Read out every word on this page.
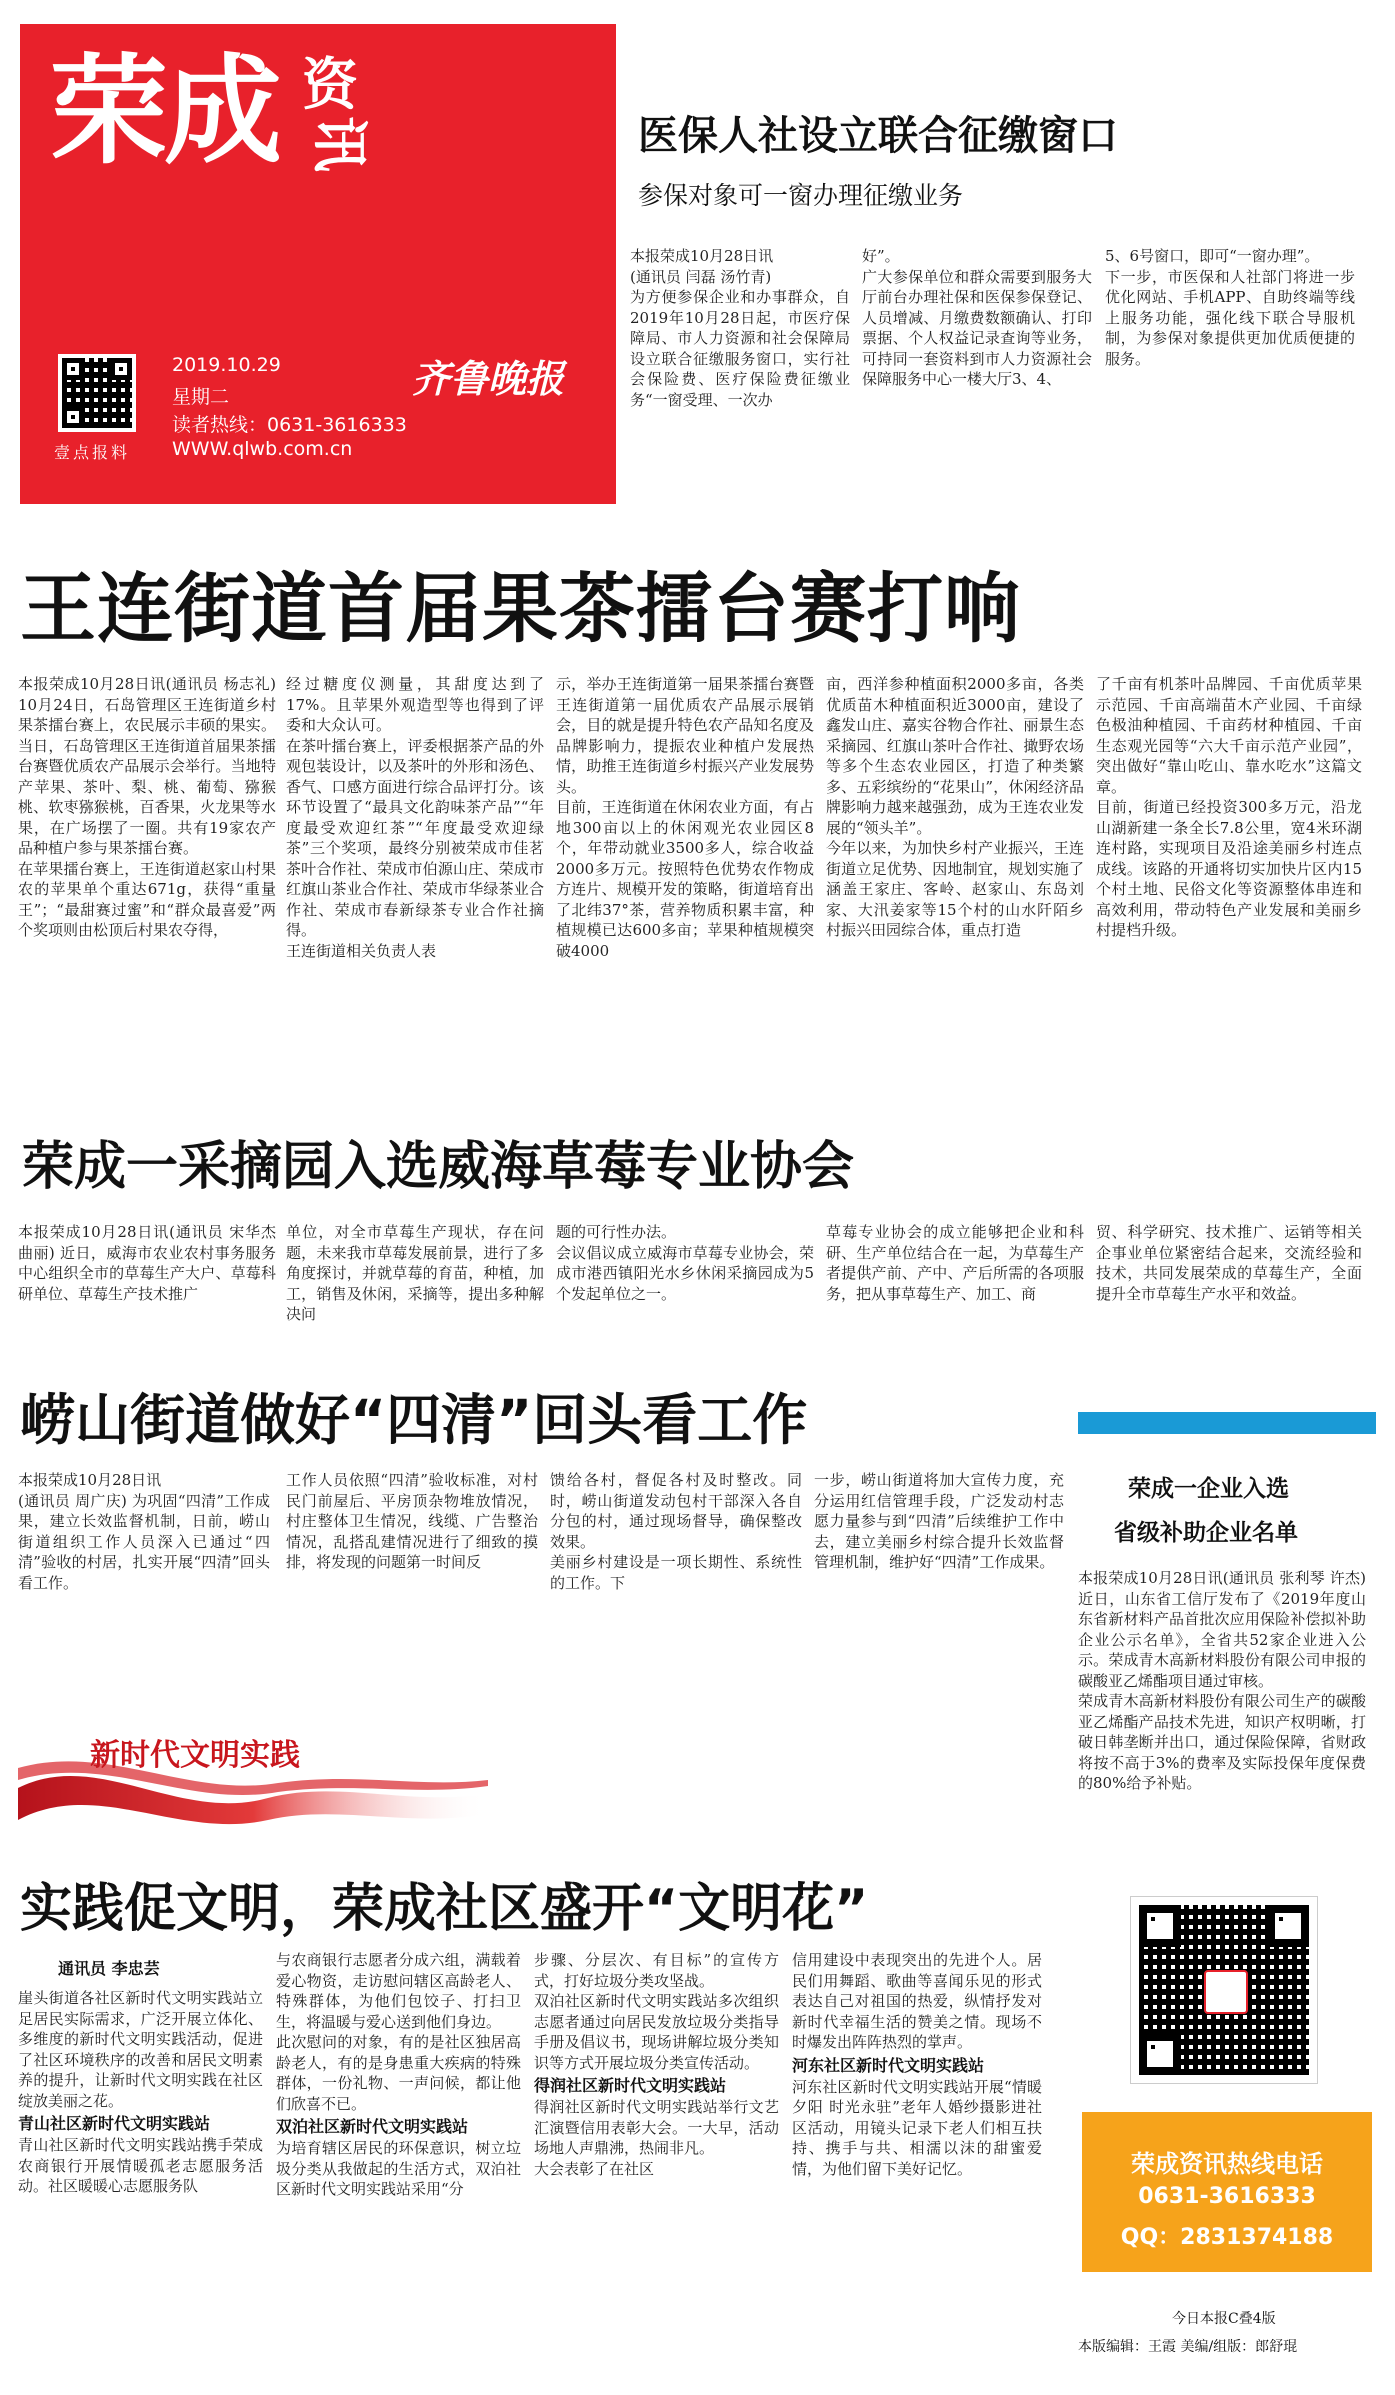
荣成 资
讯
壹点报料
2019.10.29
星期二
读者热线：0631-3616333
WWW.qlwb.com.cn
齐鲁晚报
医保人社设立联合征缴窗口
参保对象可一窗办理征缴业务
本报荣成10月28日讯
(通讯员 闫磊 汤竹青)
为方便参保企业和办事群众，自2019年10月28日起，市医疗保障局、市人力资源和社会保障局设立联合征缴服务窗口，实行社会保险费、医疗保险费征缴业务“一窗受理、一次办
好”。
广大参保单位和群众需要到服务大厅前台办理社保和医保参保登记、人员增减、月缴费数额确认、打印票据、个人权益记录查询等业务，可持同一套资料到市人力资源社会保障服务中心一楼大厅3、4、
5、6号窗口，即可“一窗办理”。
下一步，市医保和人社部门将进一步优化网站、手机APP、自助终端等线上服务功能，强化线下联合导服机制，为参保对象提供更加优质便捷的服务。
王连街道首届果茶擂台赛打响
本报荣成10月28日讯(通讯员 杨志礼) 10月24日，石岛管理区王连街道乡村果茶擂台赛上，农民展示丰硕的果实。当日，石岛管理区王连街道首届果茶擂台赛暨优质农产品展示会举行。当地特产苹果、茶叶、梨、桃、葡萄、猕猴桃、软枣猕猴桃，百香果，火龙果等水果，在广场摆了一圈。共有19家农产品种植户参与果茶擂台赛。
在苹果擂台赛上，王连街道赵家山村果农的苹果单个重达671g，获得“重量王”；“最甜赛过蜜”和“群众最喜爱”两个奖项则由松顶后村果农夺得，
经过糖度仪测量，其甜度达到了17%。且苹果外观造型等也得到了评委和大众认可。
在茶叶擂台赛上，评委根据茶产品的外观包装设计，以及茶叶的外形和汤色、香气、口感方面进行综合品评打分。该环节设置了“最具文化韵味茶产品”“年度最受欢迎红茶”“年度最受欢迎绿茶”三个奖项，最终分别被荣成市佳茗茶叶合作社、荣成市伯源山庄、荣成市红旗山茶业合作社、荣成市华绿茶业合作社、荣成市春新绿茶专业合作社摘得。
王连街道相关负责人表
示，举办王连街道第一届果茶擂台赛暨王连街道第一届优质农产品展示展销会，目的就是提升特色农产品知名度及品牌影响力，提振农业种植户发展热情，助推王连街道乡村振兴产业发展势头。
目前，王连街道在休闲农业方面，有占地300亩以上的休闲观光农业园区8个，年带动就业3500多人，综合收益2000多万元。按照特色优势农作物成方连片、规模开发的策略，街道培育出了北纬37°茶，营养物质积累丰富，种植规模已达600多亩；苹果种植规模突破4000
亩，西洋参种植面积2000多亩，各类优质苗木种植面积近3000亩，建设了鑫发山庄、嘉实谷物合作社、丽景生态采摘园、红旗山茶叶合作社、撖野农场等多个生态农业园区，打造了种类繁多、五彩缤纷的“花果山”，休闲经济品牌影响力越来越强劲，成为王连农业发展的“领头羊”。
今年以来，为加快乡村产业振兴，王连街道立足优势、因地制宜，规划实施了涵盖王家庄、客岭、赵家山、东岛刘家、大汛姜家等15个村的山水阡陌乡村振兴田园综合体，重点打造
了千亩有机茶叶品牌园、千亩优质苹果示范园、千亩高端苗木产业园、千亩绿色极油种植园、千亩药材种植园、千亩生态观光园等“六大千亩示范产业园”，突出做好“靠山吃山、靠水吃水”这篇文章。
目前，街道已经投资300多万元，沿龙山湖新建一条全长7.8公里，宽4米环湖连村路，实现项目及沿途美丽乡村连点成线。该路的开通将切实加快片区内15个村土地、民俗文化等资源整体串连和高效利用，带动特色产业发展和美丽乡村提档升级。
荣成一采摘园入选威海草莓专业协会
本报荣成10月28日讯(通讯员 宋华杰 曲丽) 近日，威海市农业农村事务服务中心组织全市的草莓生产大户、草莓科研单位、草莓生产技术推广
单位，对全市草莓生产现状，存在问题，未来我市草莓发展前景，进行了多角度探讨，并就草莓的育苗，种植，加工，销售及休闲，采摘等，提出多种解决问
题的可行性办法。
会议倡议成立威海市草莓专业协会，荣成市港西镇阳光水乡休闲采摘园成为5个发起单位之一。
草莓专业协会的成立能够把企业和科研、生产单位结合在一起，为草莓生产者提供产前、产中、产后所需的各项服务，把从事草莓生产、加工、商
贸、科学研究、技术推广、运销等相关企事业单位紧密结合起来，交流经验和技术，共同发展荣成的草莓生产，全面提升全市草莓生产水平和效益。
崂山街道做好“四清”回头看工作
本报荣成10月28日讯
(通讯员 周广庆) 为巩固“四清”工作成果，建立长效监督机制，日前，崂山街道组织工作人员深入已通过“四清”验收的村居，扎实开展“四清”回头看工作。
工作人员依照“四清”验收标准，对村民门前屋后、平房顶杂物堆放情况，村庄整体卫生情况，线缆、广告整治情况，乱搭乱建情况进行了细致的摸排，将发现的问题第一时间反
馈给各村，督促各村及时整改。同时，崂山街道发动包村干部深入各自分包的村，通过现场督导，确保整改效果。
美丽乡村建设是一项长期性、系统性的工作。下
一步，崂山街道将加大宣传力度，充分运用红信管理手段，广泛发动村志愿力量参与到“四清”后续维护工作中去，建立美丽乡村综合提升长效监督管理机制，维护好“四清”工作成果。
荣成一企业入选
省级补助企业名单
本报荣成10月28日讯(通讯员 张利琴 许杰) 近日，山东省工信厅发布了《2019年度山东省新材料产品首批次应用保险补偿拟补助企业公示名单》，全省共52家企业进入公示。荣成青木高新材料股份有限公司申报的碳酸亚乙烯酯项目通过审核。
荣成青木高新材料股份有限公司生产的碳酸亚乙烯酯产品技术先进，知识产权明晰，打破日韩垄断并出口，通过保险保障，省财政将按不高于3%的费率及实际投保年度保费的80%给予补贴。
新时代文明实践
实践促文明，荣成社区盛开“文明花”
通讯员 李忠芸
崖头街道各社区新时代文明实践站立足居民实际需求，广泛开展立体化、多维度的新时代文明实践活动，促进了社区环境秩序的改善和居民文明素养的提升，让新时代文明实践在社区绽放美丽之花。
青山社区新时代文明实践站
青山社区新时代文明实践站携手荣成农商银行开展情暖孤老志愿服务活动。社区暖暖心志愿服务队
与农商银行志愿者分成六组，满载着爱心物资，走访慰问辖区高龄老人、特殊群体，为他们包饺子、打扫卫生，将温暖与爱心送到他们身边。
此次慰问的对象，有的是社区独居高龄老人，有的是身患重大疾病的特殊群体，一份礼物、一声问候，都让他们欣喜不已。
双泊社区新时代文明实践站
为培育辖区居民的环保意识，树立垃圾分类从我做起的生活方式，双泊社区新时代文明实践站采用“分
步骤、分层次、有目标”的宣传方式，打好垃圾分类攻坚战。
双泊社区新时代文明实践站多次组织志愿者通过向居民发放垃圾分类指导手册及倡议书，现场讲解垃圾分类知识等方式开展垃圾分类宣传活动。
得润社区新时代文明实践站
得润社区新时代文明实践站举行文艺汇演暨信用表彰大会。一大早，活动场地人声鼎沸，热闹非凡。
大会表彰了在社区
信用建设中表现突出的先进个人。居民们用舞蹈、歌曲等喜闻乐见的形式表达自己对祖国的热爱，纵情抒发对新时代幸福生活的赞美之情。现场不时爆发出阵阵热烈的掌声。
河东社区新时代文明实践站
河东社区新时代文明实践站开展“情暖夕阳 时光永驻”老年人婚纱摄影进社区活动，用镜头记录下老人们相互扶持、携手与共、相濡以沫的甜蜜爱情，为他们留下美好记忆。	荣成资讯热线电话
0631-3616333
QQ：2831374188
今日本报C叠4版
本版编辑：王霞 美编/组版：郎舒琨
